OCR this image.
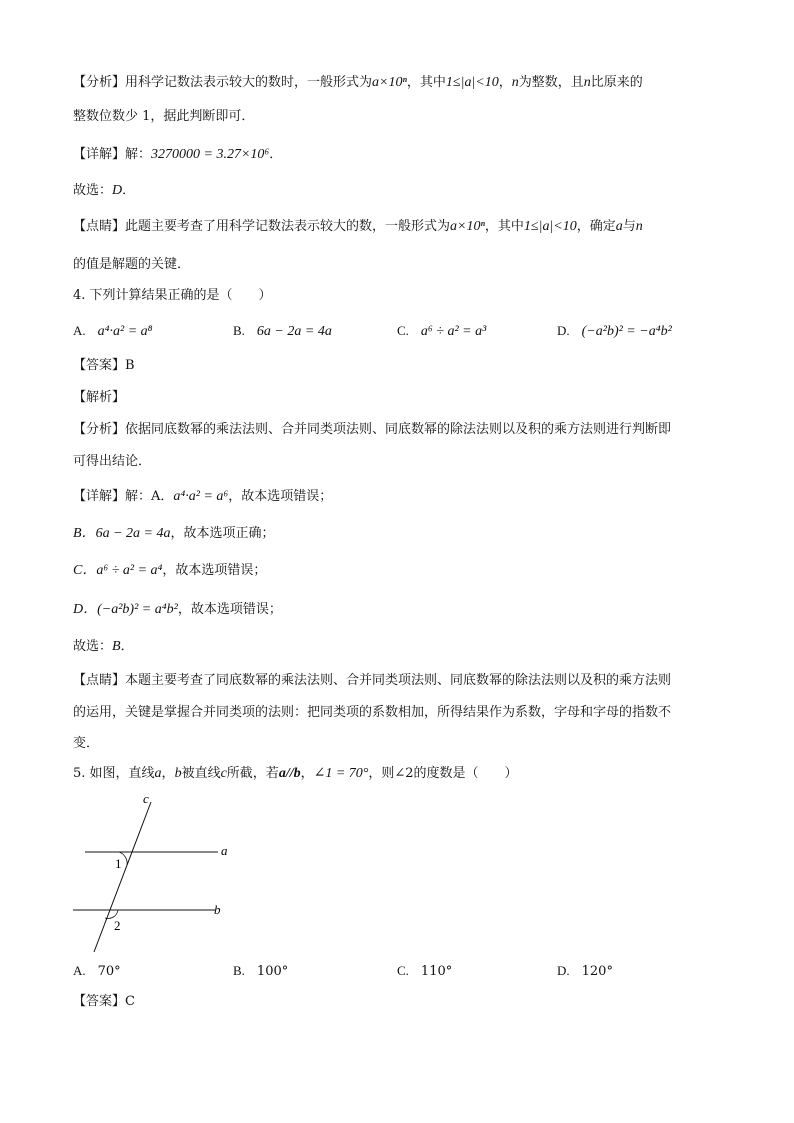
【分析】用科学记数法表示较大的数时，一般形式为a×10ⁿ，其中1≤|a|<10，n为整数，且n比原来的
整数位数少 1，据此判断即可．
【详解】解：3270000 = 3.27×10⁶．
故选：D．
【点睛】此题主要考查了用科学记数法表示较大的数，一般形式为a×10ⁿ，其中1≤|a|<10，确定a与n
的值是解题的关键．
4. 下列计算结果正确的是（　　）
A. a⁴·a² = a⁸	B. 6a − 2a = 4a	C. a⁶ ÷ a² = a³	D. (−a²b)² = −a⁴b²
【答案】B
【解析】
【分析】依据同底数幂的乘法法则、合并同类项法则、同底数幂的除法法则以及积的乘方法则进行判断即
可得出结论．
【详解】解：A．a⁴·a² = a⁶，故本选项错误；
B．6a − 2a = 4a，故本选项正确；
C．a⁶ ÷ a² = a⁴，故本选项错误；
D．(−a²b)² = a⁴b²，故本选项错误；
故选：B．
【点睛】本题主要考查了同底数幂的乘法法则、合并同类项法则、同底数幂的除法法则以及积的乘方法则
的运用，关键是掌握合并同类项的法则：把同类项的系数相加，所得结果作为系数，字母和字母的指数不
变．
5. 如图，直线a，b被直线c所截，若a//b，∠1 = 70°，则∠2的度数是（　　）
c
a
b
1
2
A. 70°	B. 100°	C. 110°	D. 120°
【答案】C
